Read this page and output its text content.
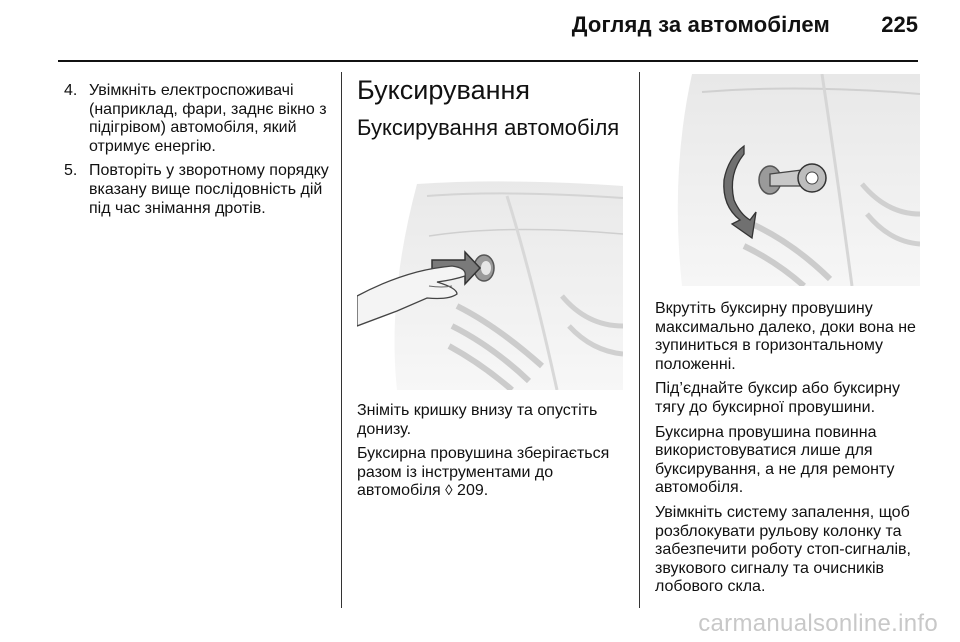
Догляд за автомобілем 225
4. Увімкніть електроспоживачі (наприклад, фари, заднє вікно з підігрівом) автомобіля, який отримує енергію.
5. Повторіть у зворотному порядку вказану вище послідовність дій під час знімання дротів.
Буксирування
Буксирування автомобіля

Зніміть кришку внизу та опустіть донизу.

Буксирна провушина зберігається разом із інструментами до автомобіля ◊ 209.

Вкрутіть буксирну провушину максимально далеко, доки вона не зупиниться в горизонтальному положенні.

Під’єднайте буксир або буксирну тягу до буксирної провушини.

Буксирна провушина повинна використовуватися лише для буксирування, а не для ремонту автомобіля.

Увімкніть систему запалення, щоб розблокувати рульову колонку та забезпечити роботу стоп-сигналів, звукового сигналу та очисників лобового скла.

carmanualsonline.info
